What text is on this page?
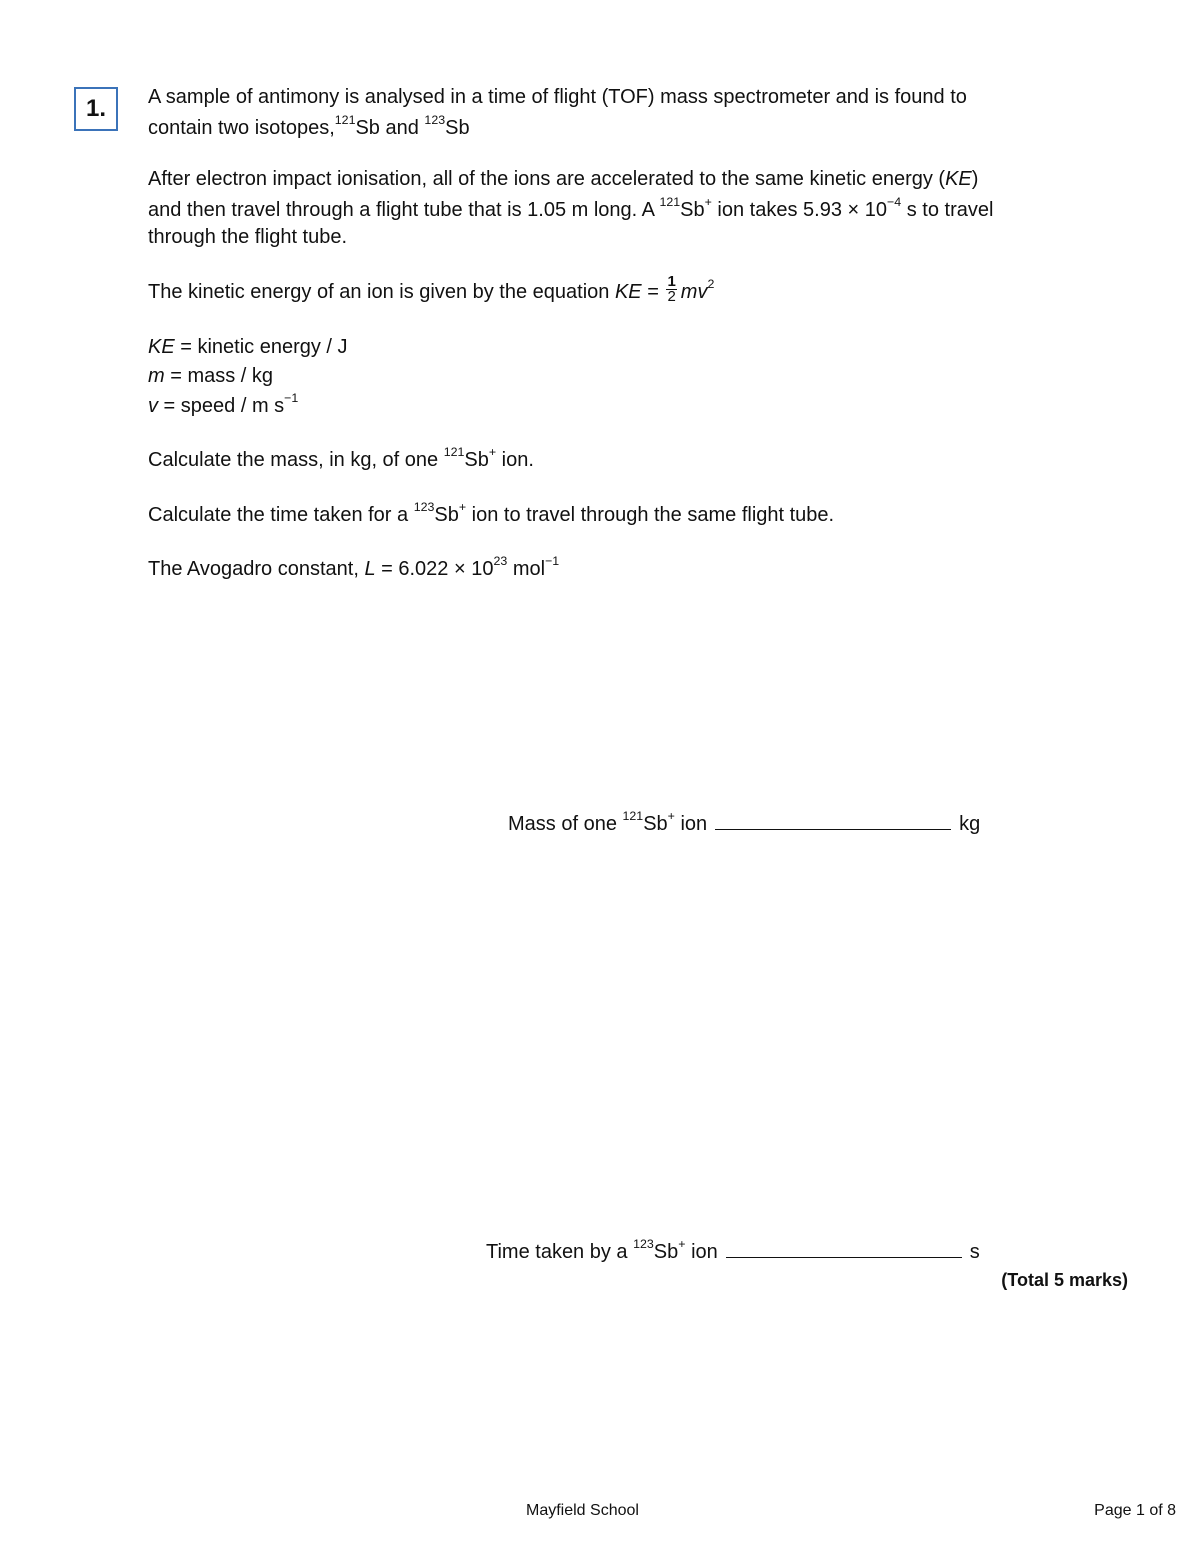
1.	A sample of antimony is analysed in a time of flight (TOF) mass spectrometer and is found to
contain two isotopes,$^{121}$Sb and $^{123}$Sb
After electron impact ionisation, all of the ions are accelerated to the same kinetic energy (KE)
and then travel through a flight tube that is 1.05 m long. A $^{121}$Sb+ ion takes $5.93 \times 10^{-4}$ s to travel
through the flight tube.
The kinetic energy of an ion is given by the equation KE = $\frac{1}{2} mv^2$
KE = kinetic energy / J
m = mass / kg
v = speed / m $s^{-1}$
Calculate the mass, in kg, of one $^{121}$Sb+ ion.
Calculate the time taken for a $^{123}$Sb+ ion to travel through the same flight tube.
The Avogadro constant, $L = 6.022 \times 10^{23}$ mol$^{-1}$
Mass of one $^{121}$Sb+ ion	kg
Time taken by a $^{123}$Sb+ ion	s
(Total 5 marks)
Mayfield School	Page 1 of 8
